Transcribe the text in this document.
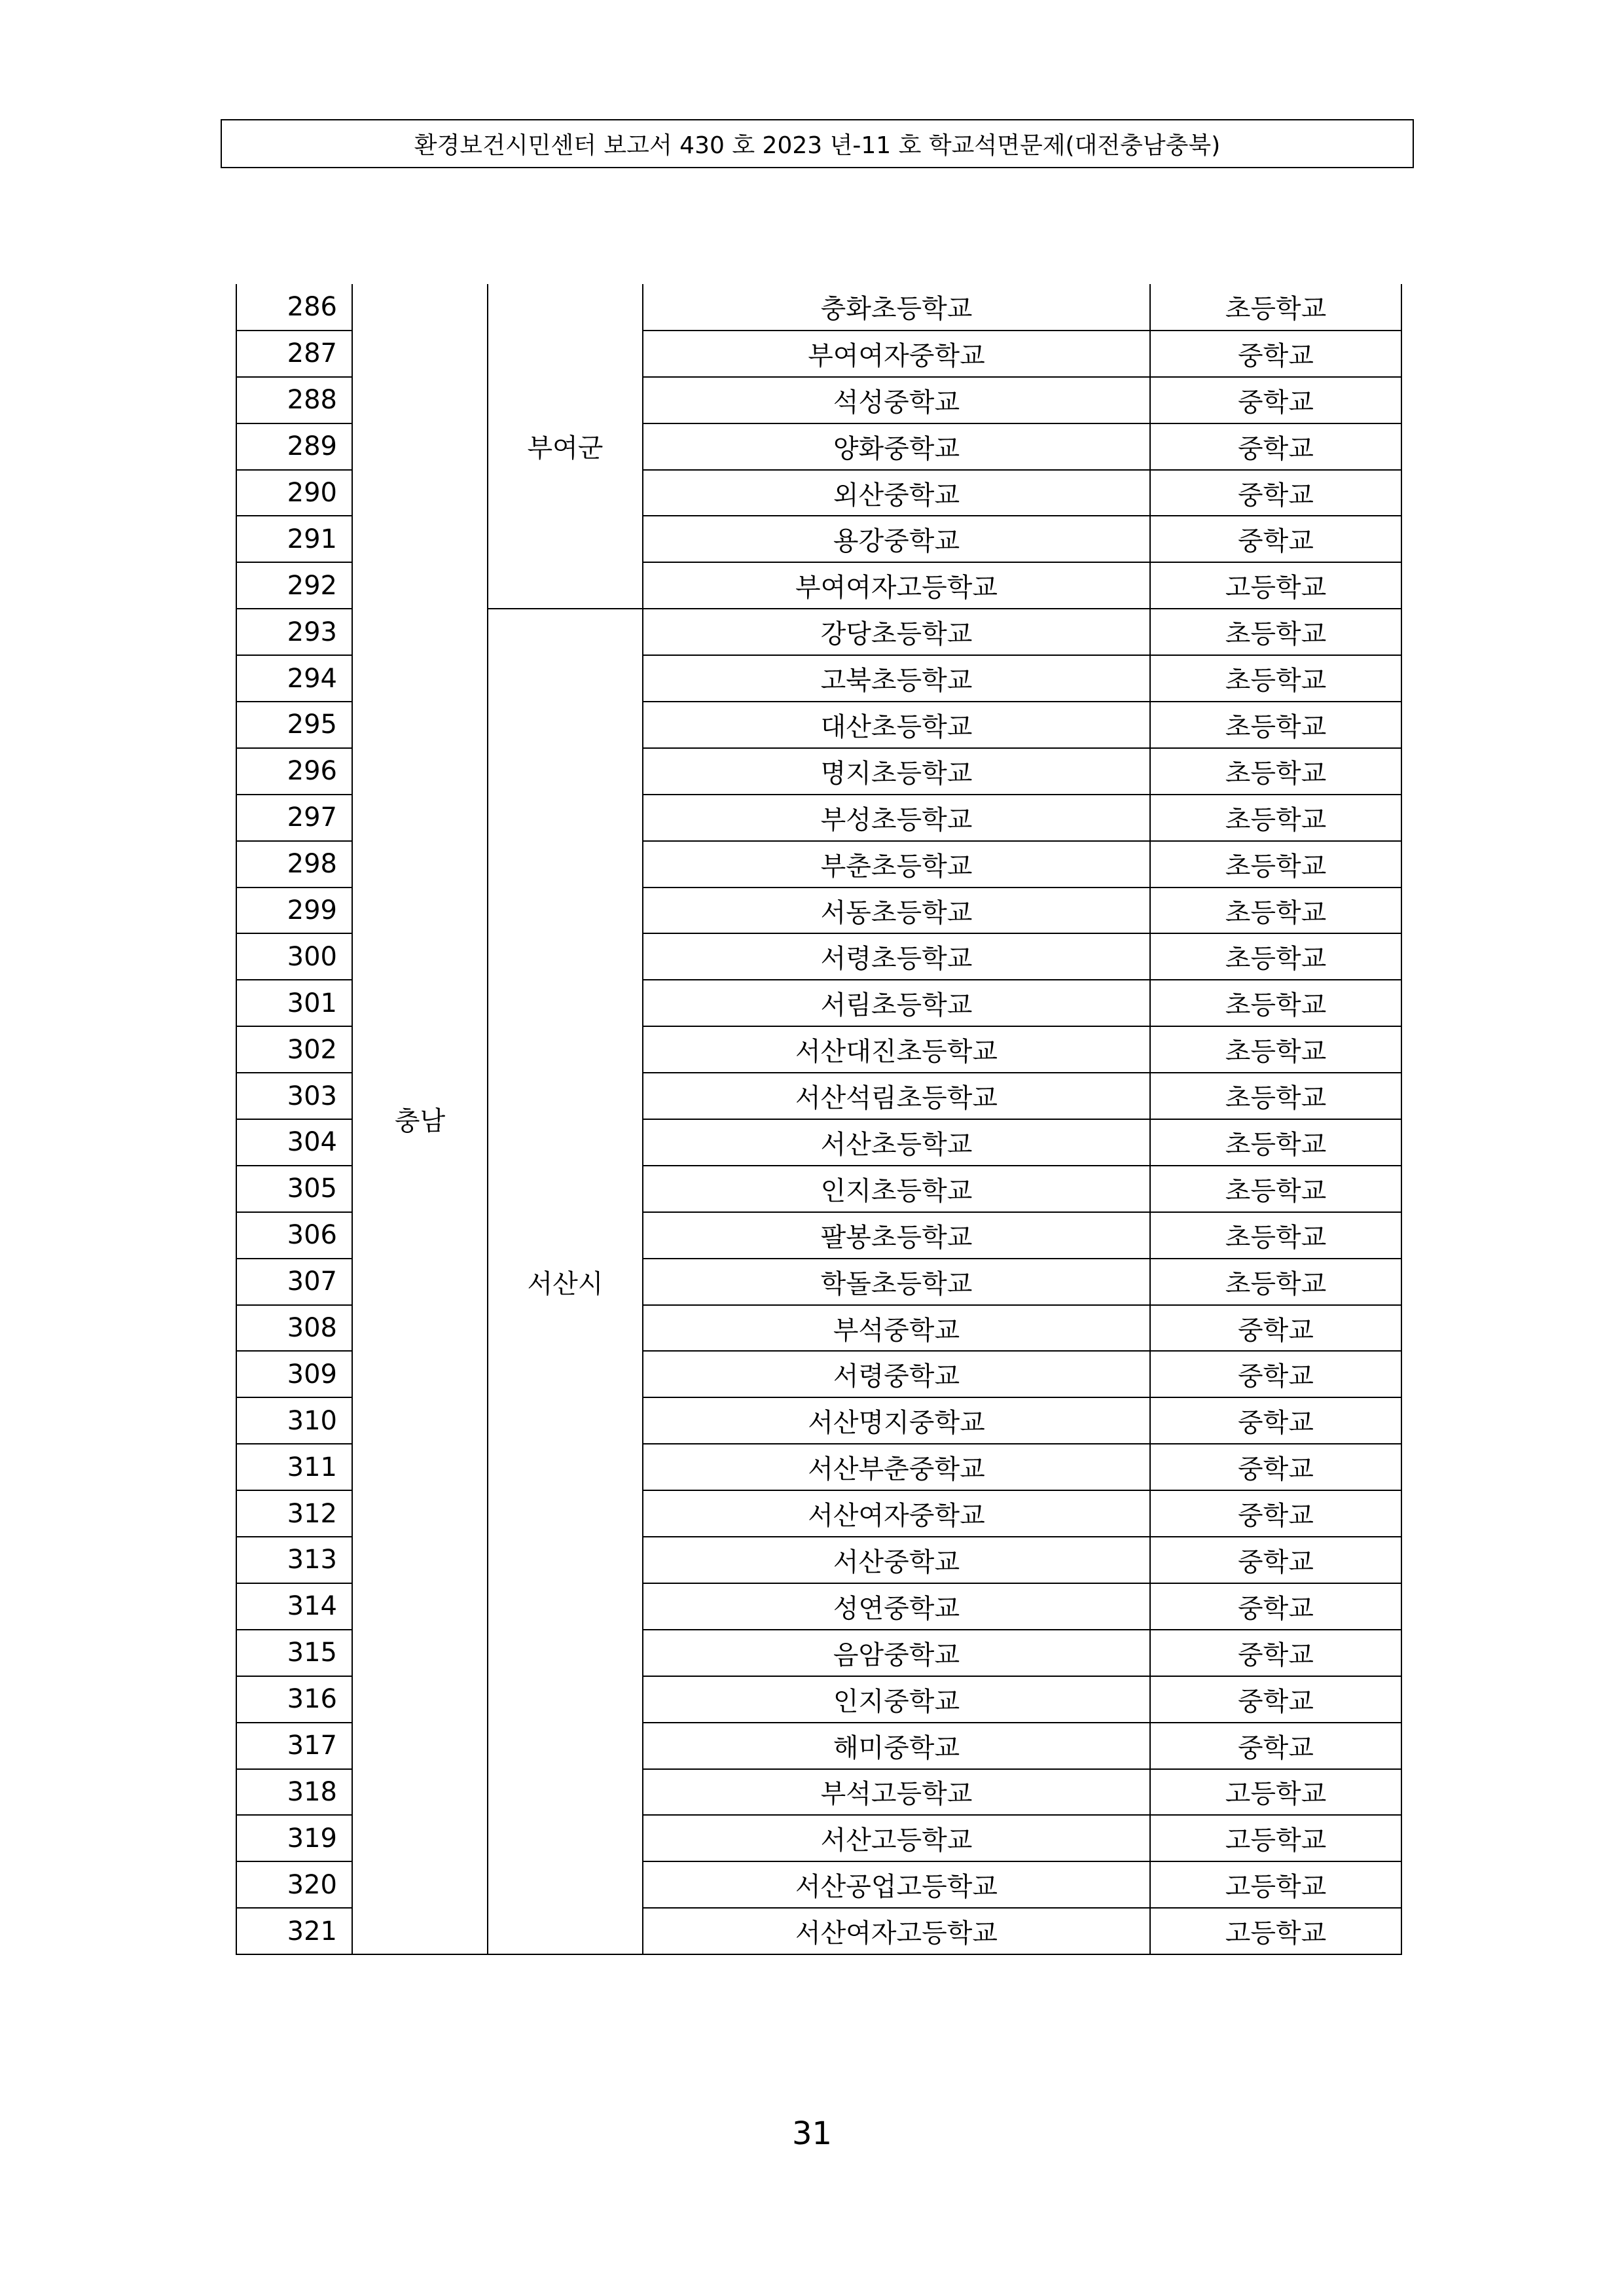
환경보건시민센터 보고서 430 호 2023 년-11 호 학교석면문제(대전충남충북)
286	충남	부여군	충화초등학교	초등학교
287			부여여자중학교	중학교
288			석성중학교	중학교
289			양화중학교	중학교
290			외산중학교	중학교
291			용강중학교	중학교
292			부여여자고등학교	고등학교
293		서산시	강당초등학교	초등학교
294			고북초등학교	초등학교
295			대산초등학교	초등학교
296			명지초등학교	초등학교
297			부성초등학교	초등학교
298			부춘초등학교	초등학교
299			서동초등학교	초등학교
300			서령초등학교	초등학교
301			서림초등학교	초등학교
302			서산대진초등학교	초등학교
303			서산석림초등학교	초등학교
304			서산초등학교	초등학교
305			인지초등학교	초등학교
306			팔봉초등학교	초등학교
307			학돌초등학교	초등학교
308			부석중학교	중학교
309			서령중학교	중학교
310			서산명지중학교	중학교
311			서산부춘중학교	중학교
312			서산여자중학교	중학교
313			서산중학교	중학교
314			성연중학교	중학교
315			음암중학교	중학교
316			인지중학교	중학교
317			해미중학교	중학교
318			부석고등학교	고등학교
319			서산고등학교	고등학교
320			서산공업고등학교	고등학교
321			서산여자고등학교	고등학교
31
